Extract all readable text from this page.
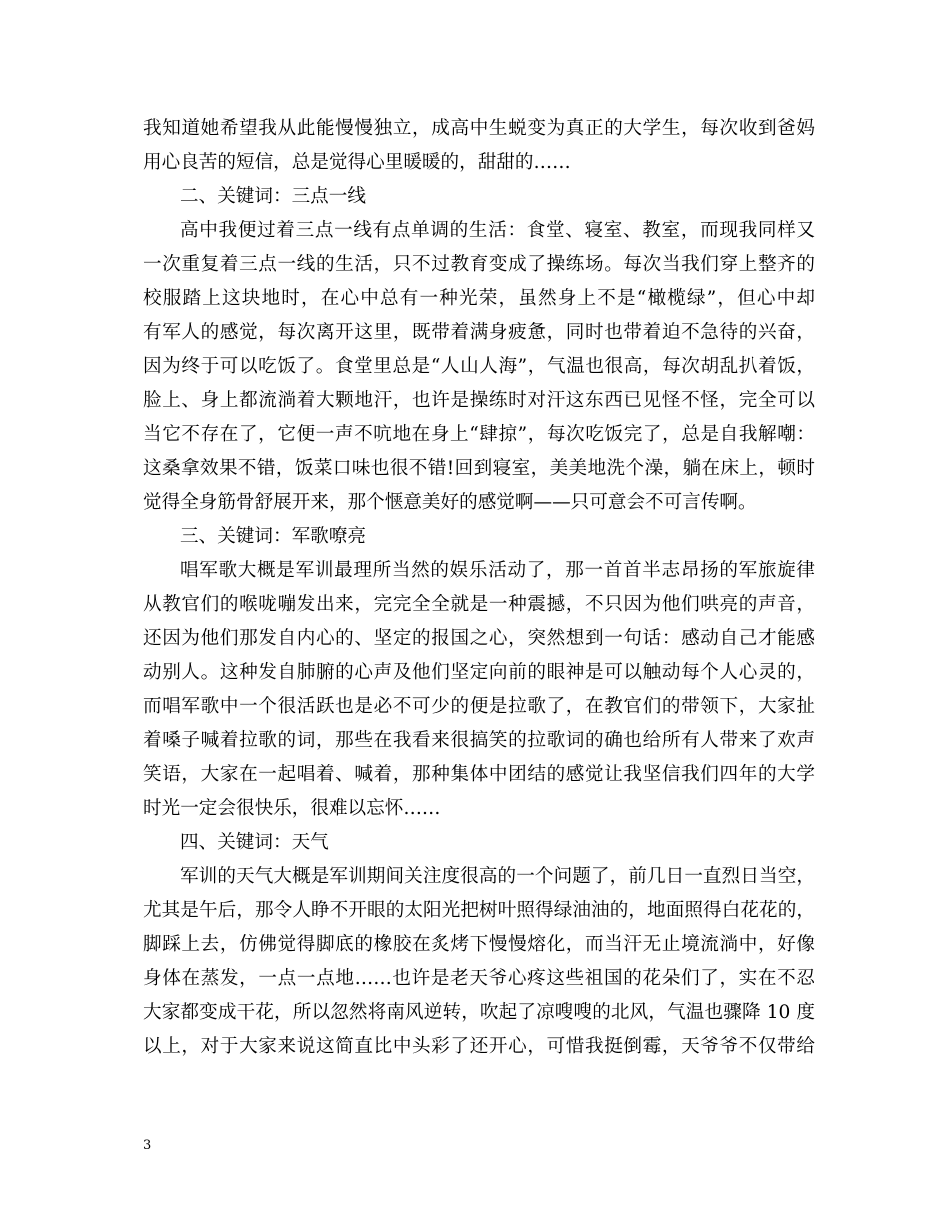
我知道她希望我从此能慢慢独立，成高中生蜕变为真正的大学生，每次收到爸妈
用心良苦的短信，总是觉得心里暖暖的，甜甜的……
二、关键词：三点一线
高中我便过着三点一线有点单调的生活：食堂、寝室、教室，而现我同样又
一次重复着三点一线的生活，只不过教育变成了操练场。每次当我们穿上整齐的
校服踏上这块地时，在心中总有一种光荣，虽然身上不是“橄榄绿”，但心中却
有军人的感觉，每次离开这里，既带着满身疲惫，同时也带着迫不急待的兴奋，
因为终于可以吃饭了。食堂里总是“人山人海”，气温也很高，每次胡乱扒着饭，
脸上、身上都流淌着大颗地汗，也许是操练时对汗这东西已见怪不怪，完全可以
当它不存在了，它便一声不吭地在身上“肆掠”，每次吃饭完了，总是自我解嘲：
这桑拿效果不错，饭菜口味也很不错!回到寝室，美美地洗个澡，躺在床上，顿时
觉得全身筋骨舒展开来，那个惬意美好的感觉啊——只可意会不可言传啊。
三、关键词：军歌嘹亮
唱军歌大概是军训最理所当然的娱乐活动了，那一首首半志昂扬的军旅旋律
从教官们的喉咙嘣发出来，完完全全就是一种震撼，不只因为他们哄亮的声音，
还因为他们那发自内心的、坚定的报国之心，突然想到一句话：感动自己才能感
动别人。这种发自肺腑的心声及他们坚定向前的眼神是可以触动每个人心灵的，
而唱军歌中一个很活跃也是必不可少的便是拉歌了，在教官们的带领下，大家扯
着嗓子喊着拉歌的词，那些在我看来很搞笑的拉歌词的确也给所有人带来了欢声
笑语，大家在一起唱着、喊着，那种集体中团结的感觉让我坚信我们四年的大学
时光一定会很快乐，很难以忘怀……
四、关键词：天气
军训的天气大概是军训期间关注度很高的一个问题了，前几日一直烈日当空，
尤其是午后，那令人睁不开眼的太阳光把树叶照得绿油油的，地面照得白花花的，
脚踩上去，仿佛觉得脚底的橡胶在炙烤下慢慢熔化，而当汗无止境流淌中，好像
身体在蒸发，一点一点地……也许是老天爷心疼这些祖国的花朵们了，实在不忍
大家都变成干花，所以忽然将南风逆转，吹起了凉嗖嗖的北风，气温也骤降 10 度
以上，对于大家来说这简直比中头彩了还开心，可惜我挺倒霉，天爷爷不仅带给
3
